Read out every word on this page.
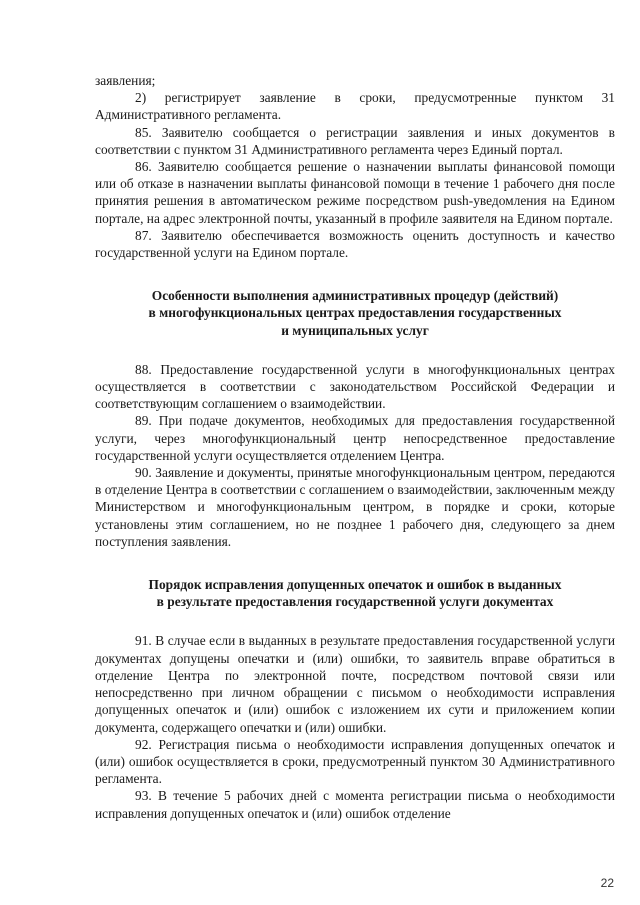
заявления;

2) регистрирует заявление в сроки, предусмотренные пунктом 31 Административного регламента.

85. Заявителю сообщается о регистрации заявления и иных документов в соответствии с пунктом 31 Административного регламента через Единый портал.

86. Заявителю сообщается решение о назначении выплаты финансовой помощи или об отказе в назначении выплаты финансовой помощи в течение 1 рабочего дня после принятия решения в автоматическом режиме посредством push-уведомления на Едином портале, на адрес электронной почты, указанный в профиле заявителя на Едином портале.

87. Заявителю обеспечивается возможность оценить доступность и качество государственной услуги на Едином портале.

Особенности выполнения административных процедур (действий)
в многофункциональных центрах предоставления государственных
и муниципальных услуг

88. Предоставление государственной услуги в многофункциональных центрах осуществляется в соответствии с законодательством Российской Федерации и соответствующим соглашением о взаимодействии.

89. При подаче документов, необходимых для предоставления государственной услуги, через многофункциональный центр непосредственное предоставление государственной услуги осуществляется отделением Центра.

90. Заявление и документы, принятые многофункциональным центром, передаются в отделение Центра в соответствии с соглашением о взаимодействии, заключенным между Министерством и многофункциональным центром, в порядке и сроки, которые установлены этим соглашением, но не позднее 1 рабочего дня, следующего за днем поступления заявления.

Порядок исправления допущенных опечаток и ошибок в выданных
в результате предоставления государственной услуги документах

91. В случае если в выданных в результате предоставления государственной услуги документах допущены опечатки и (или) ошибки, то заявитель вправе обратиться в отделение Центра по электронной почте, посредством почтовой связи или непосредственно при личном обращении с письмом о необходимости исправления допущенных опечаток и (или) ошибок с изложением их сути и приложением копии документа, содержащего опечатки и (или) ошибки.

92. Регистрация письма о необходимости исправления допущенных опечаток и (или) ошибок осуществляется в сроки, предусмотренный пунктом 30 Административного регламента.

93. В течение 5 рабочих дней с момента регистрации письма о необходимости исправления допущенных опечаток и (или) ошибок отделение

22
